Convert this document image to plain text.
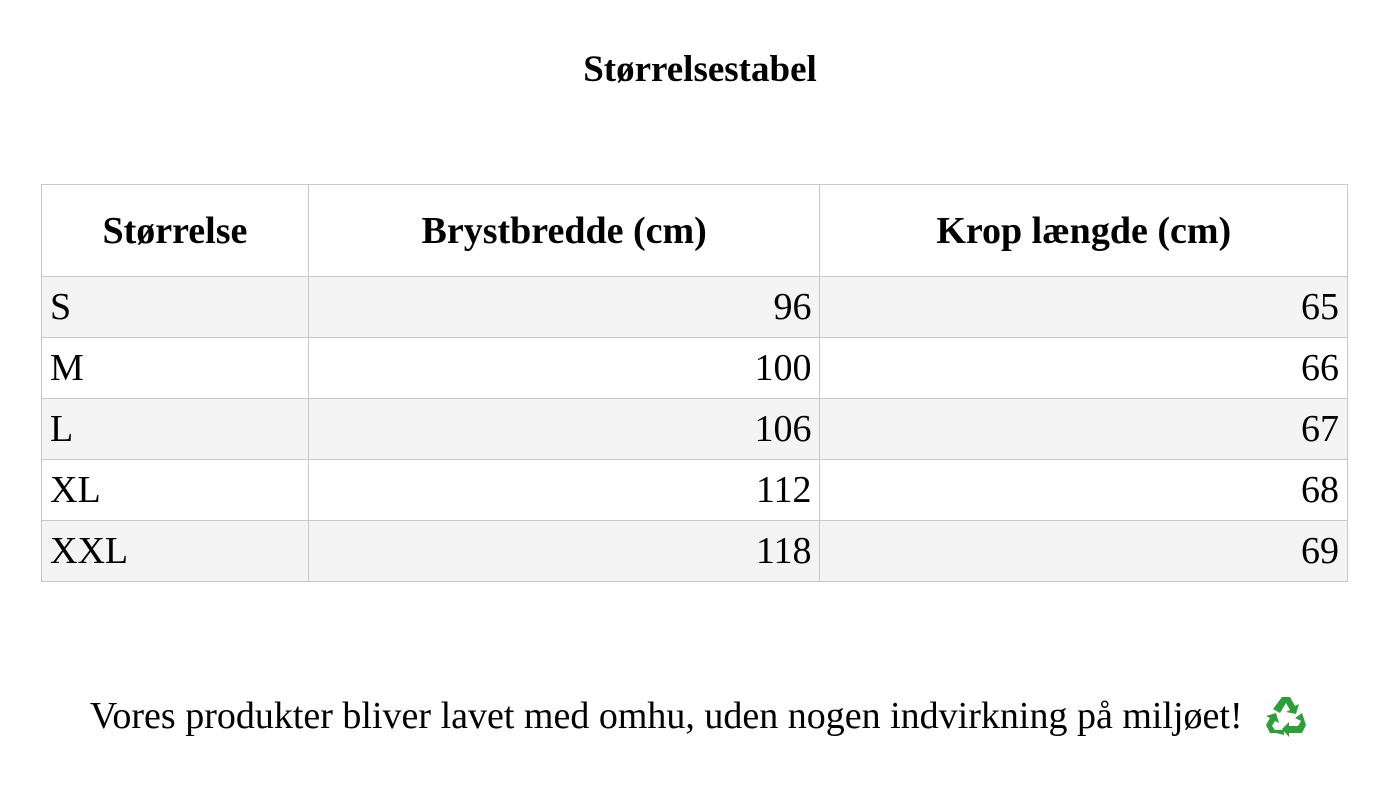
Størrelsestabel
Størrelse	Brystbredde (cm)	Krop længde (cm)
S	96	65
M	100	66
L	106	67
XL	112	68
XXL	118	69

Vores produkter bliver lavet med omhu, uden nogen indvirkning på miljøet!
